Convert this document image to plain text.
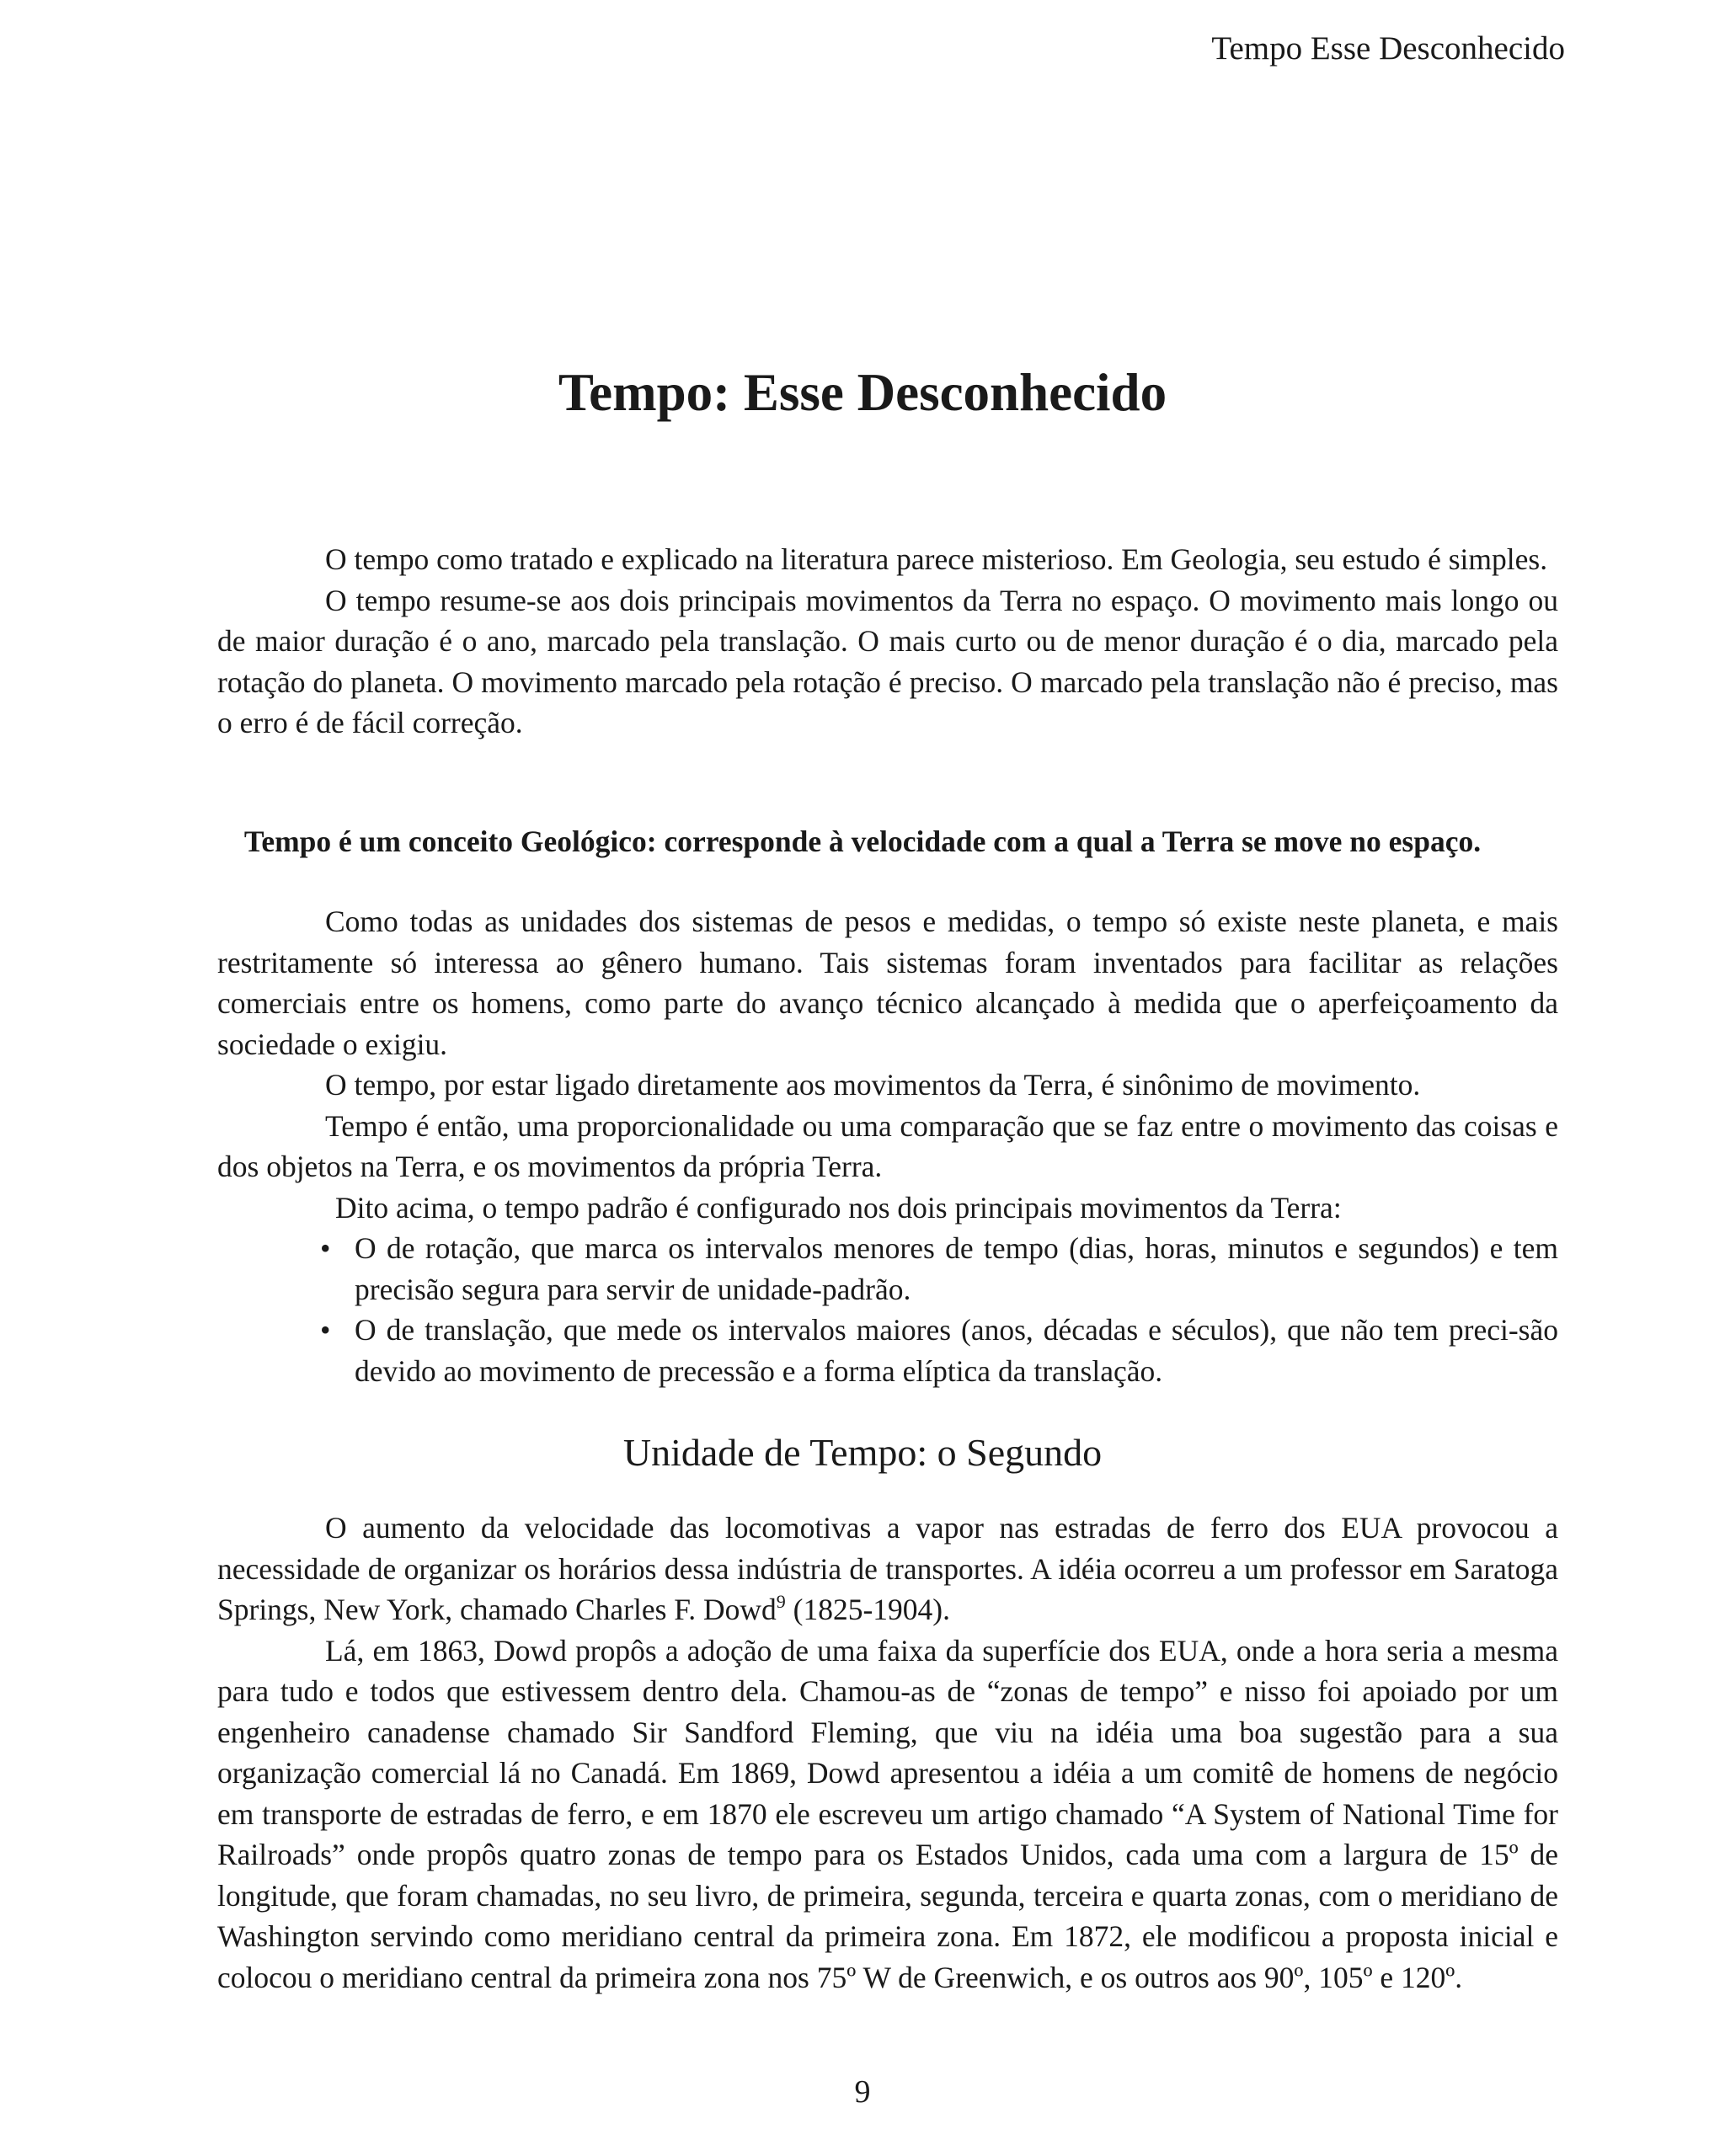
Tempo Esse Desconhecido
Tempo: Esse Desconhecido

O tempo como tratado e explicado na literatura parece misterioso. Em Geologia, seu estudo é simples.

O tempo resume-se aos dois principais movimentos da Terra no espaço. O movimento mais longo ou de maior duração é o ano, marcado pela translação. O mais curto ou de menor duração é o dia, marcado pela rotação do planeta. O movimento marcado pela rotação é preciso. O marcado pela translação não é preciso, mas o erro é de fácil correção.

Tempo é um conceito Geológico: corresponde à velocidade com a qual a Terra se move no espaço.

Como todas as unidades dos sistemas de pesos e medidas, o tempo só existe neste planeta, e mais restritamente só interessa ao gênero humano. Tais sistemas foram inventados para facilitar as relações comerciais entre os homens, como parte do avanço técnico alcançado à medida que o aperfeiçoamento da sociedade o exigiu.

O tempo, por estar ligado diretamente aos movimentos da Terra, é sinônimo de movimento.

Tempo é então, uma proporcionalidade ou uma comparação que se faz entre o movimento das coisas e dos objetos na Terra, e os movimentos da própria Terra.

Dito acima, o tempo padrão é configurado nos dois principais movimentos da Terra:

• O de rotação, que marca os intervalos menores de tempo (dias, horas, minutos e segundos) e tem precisão segura para servir de unidade-padrão.
• O de translação, que mede os intervalos maiores (anos, décadas e séculos), que não tem preci-são devido ao movimento de precessão e a forma elíptica da translação.
Unidade de Tempo: o Segundo

O aumento da velocidade das locomotivas a vapor nas estradas de ferro dos EUA provocou a necessidade de organizar os horários dessa indústria de transportes. A idéia ocorreu a um professor em Saratoga Springs, New York, chamado Charles F. Dowd$^9$ (1825-1904).

Lá, em 1863, Dowd propôs a adoção de uma faixa da superfície dos EUA, onde a hora seria a mesma para tudo e todos que estivessem dentro dela. Chamou-as de “zonas de tempo” e nisso foi apoiado por um engenheiro canadense chamado Sir Sandford Fleming, que viu na idéia uma boa sugestão para a sua organização comercial lá no Canadá. Em 1869, Dowd apresentou a idéia a um comitê de homens de negócio em transporte de estradas de ferro, e em 1870 ele escreveu um artigo chamado “A System of National Time for Railroads” onde propôs quatro zonas de tempo para os Estados Unidos, cada uma com a largura de 15º de longitude, que foram chamadas, no seu livro, de primeira, segunda, terceira e quarta zonas, com o meridiano de Washington servindo como meridiano central da primeira zona. Em 1872, ele modificou a proposta inicial e colocou o meridiano central da primeira zona nos 75º W de Greenwich, e os outros aos 90º, 105º e 120º.

9
